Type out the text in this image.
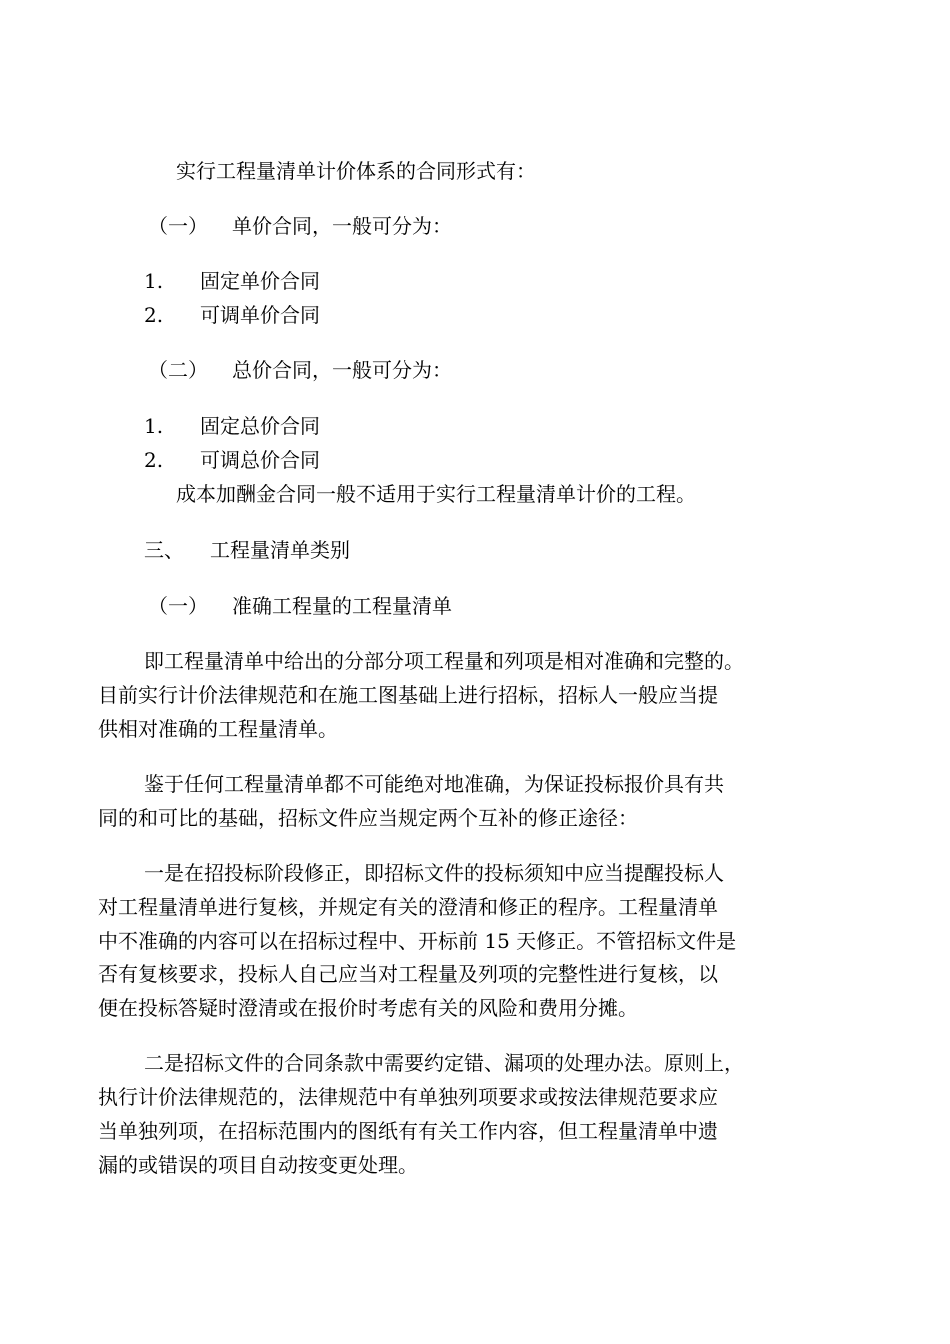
实行工程量清单计价体系的合同形式有：
（一） 单价合同，一般可分为：
1. 固定单价合同
2. 可调单价合同
（二） 总价合同，一般可分为：
1. 固定总价合同
2. 可调总价合同
成本加酬金合同一般不适用于实行工程量清单计价的工程。
三、 工程量清单类别
（一） 准确工程量的工程量清单
即工程量清单中给出的分部分项工程量和列项是相对准确和完整的。
目前实行计价法律规范和在施工图基础上进行招标，招标人一般应当提
供相对准确的工程量清单。
鉴于任何工程量清单都不可能绝对地准确，为保证投标报价具有共
同的和可比的基础，招标文件应当规定两个互补的修正途径：
一是在招投标阶段修正，即招标文件的投标须知中应当提醒投标人
对工程量清单进行复核，并规定有关的澄清和修正的程序。工程量清单
中不准确的内容可以在招标过程中、开标前 15 天修正。不管招标文件是
否有复核要求，投标人自己应当对工程量及列项的完整性进行复核，以
便在投标答疑时澄清或在报价时考虑有关的风险和费用分摊。
二是招标文件的合同条款中需要约定错、漏项的处理办法。原则上，
执行计价法律规范的，法律规范中有单独列项要求或按法律规范要求应
当单独列项，在招标范围内的图纸有有关工作内容，但工程量清单中遗
漏的或错误的项目自动按变更处理。
